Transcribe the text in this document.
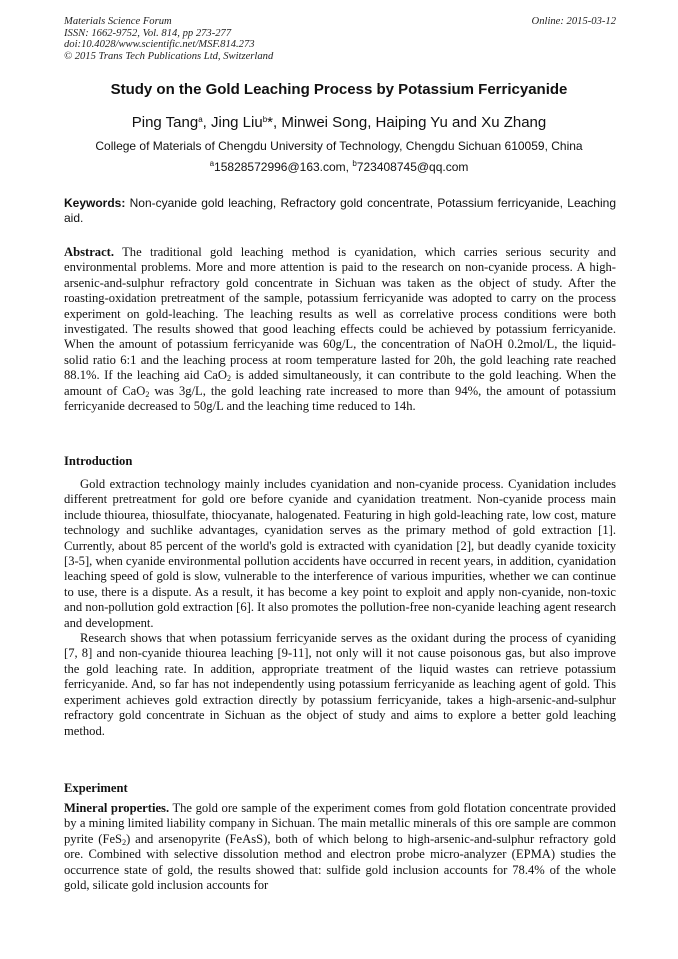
Materials Science Forum
ISSN: 1662-9752, Vol. 814, pp 273-277
doi:10.4028/www.scientific.net/MSF.814.273
© 2015 Trans Tech Publications Ltd, Switzerland
Online: 2015-03-12
Study on the Gold Leaching Process by Potassium Ferricyanide
Ping Tang$^a$, Jing Liu$^b$*, Minwei Song, Haiping Yu and Xu Zhang
College of Materials of Chengdu University of Technology, Chengdu Sichuan 610059, China
$^a$15828572996@163.com, $^b$723408745@qq.com
Keywords: Non-cyanide gold leaching, Refractory gold concentrate, Potassium ferricyanide, Leaching aid.
Abstract. The traditional gold leaching method is cyanidation, which carries serious security and environmental problems. More and more attention is paid to the research on non-cyanide process. A high-arsenic-and-sulphur refractory gold concentrate in Sichuan was taken as the object of study. After the roasting-oxidation pretreatment of the sample, potassium ferricyanide was adopted to carry on the process experiment on gold-leaching. The leaching results as well as correlative process conditions were both investigated. The results showed that good leaching effects could be achieved by potassium ferricyanide. When the amount of potassium ferricyanide was 60g/L, the concentration of NaOH 0.2mol/L, the liquid-solid ratio 6:1 and the leaching process at room temperature lasted for 20h, the gold leaching rate reached 88.1%. If the leaching aid CaO$_2$ is added simultaneously, it can contribute to the gold leaching. When the amount of CaO$_2$ was 3g/L, the gold leaching rate increased to more than 94%, the amount of potassium ferricyanide decreased to 50g/L and the leaching time reduced to 14h.
Introduction

Gold extraction technology mainly includes cyanidation and non-cyanide process. Cyanidation includes different pretreatment for gold ore before cyanide and cyanidation treatment. Non-cyanide process main include thiourea, thiosulfate, thiocyanate, halogenated. Featuring in high gold-leaching rate, low cost, mature technology and suchlike advantages, cyanidation serves as the primary method of gold extraction [1]. Currently, about 85 percent of the world's gold is extracted with cyanidation [2], but deadly cyanide toxicity [3-5], when cyanide environmental pollution accidents have occurred in recent years, in addition, cyanidation leaching speed of gold is slow, vulnerable to the interference of various impurities, whether we can continue to use, there is a dispute. As a result, it has become a key point to exploit and apply non-cyanide, non-toxic and non-pollution gold extraction [6]. It also promotes the pollution-free non-cyanide leaching agent research and development.

Research shows that when potassium ferricyanide serves as the oxidant during the process of cyaniding [7, 8] and non-cyanide thiourea leaching [9-11], not only will it not cause poisonous gas, but also improve the gold leaching rate. In addition, appropriate treatment of the liquid wastes can retrieve potassium ferricyanide. And, so far has not independently using potassium ferricyanide as leaching agent of gold. This experiment achieves gold extraction directly by potassium ferricyanide, takes a high-arsenic-and-sulphur refractory gold concentrate in Sichuan as the object of study and aims to explore a better gold leaching method.

Experiment
Mineral properties. The gold ore sample of the experiment comes from gold flotation concentrate provided by a mining limited liability company in Sichuan. The main metallic minerals of this ore sample are common pyrite (FeS$_2$) and arsenopyrite (FeAsS), both of which belong to high-arsenic-and-sulphur refractory gold ore. Combined with selective dissolution method and electron probe micro-analyzer (EPMA) studies the occurrence state of gold, the results showed that: sulfide gold inclusion accounts for 78.4% of the whole gold, silicate gold inclusion accounts for
